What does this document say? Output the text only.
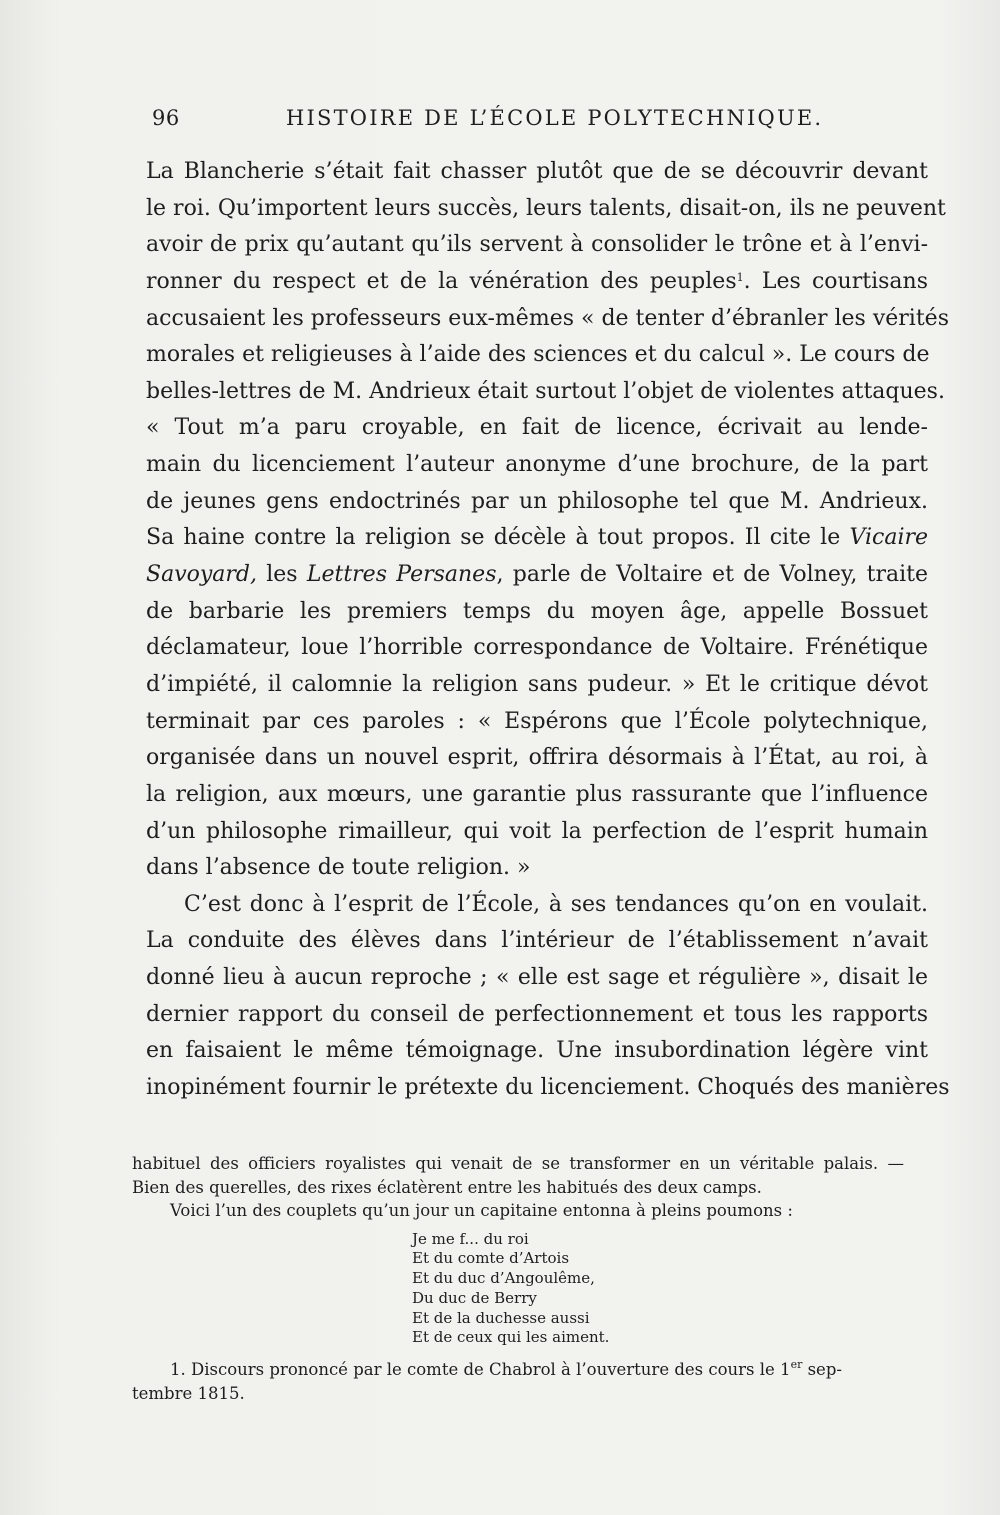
96	HISTOIRE DE L’ÉCOLE POLYTECHNIQUE.
La Blancherie s’était fait chasser plutôt que de se découvrir devant
le roi. Qu’importent leurs succès, leurs talents, disait-on, ils ne peuvent
avoir de prix qu’autant qu’ils servent à consolider le trône et à l’envi-
ronner du respect et de la vénération des peuples$^1$. Les courtisans
accusaient les professeurs eux-mêmes « de tenter d’ébranler les vérités
morales et religieuses à l’aide des sciences et du calcul ». Le cours de
belles-lettres de M. Andrieux était surtout l’objet de violentes attaques.
« Tout m’a paru croyable, en fait de licence, écrivait au lende-
main du licenciement l’auteur anonyme d’une brochure, de la part
de jeunes gens endoctrinés par un philosophe tel que M. Andrieux.
Sa haine contre la religion se décèle à tout propos. Il cite le Vicaire
Savoyard, les Lettres Persanes, parle de Voltaire et de Volney, traite
de barbarie les premiers temps du moyen âge, appelle Bossuet
déclamateur, loue l’horrible correspondance de Voltaire. Frénétique
d’impiété, il calomnie la religion sans pudeur. » Et le critique dévot
terminait par ces paroles : « Espérons que l’École polytechnique,
organisée dans un nouvel esprit, offrira désormais à l’État, au roi, à
la religion, aux mœurs, une garantie plus rassurante que l’influence
d’un philosophe rimailleur, qui voit la perfection de l’esprit humain
dans l’absence de toute religion. »
C’est donc à l’esprit de l’École, à ses tendances qu’on en voulait.
La conduite des élèves dans l’intérieur de l’établissement n’avait
donné lieu à aucun reproche ; « elle est sage et régulière », disait le
dernier rapport du conseil de perfectionnement et tous les rapports
en faisaient le même témoignage. Une insubordination légère vint
inopinément fournir le prétexte du licenciement. Choqués des manières
habituel des officiers royalistes qui venait de se transformer en un véritable palais. —
Bien des querelles, des rixes éclatèrent entre les habitués des deux camps.
Voici l’un des couplets qu’un jour un capitaine entonna à pleins poumons :
Je me f... du roi
Et du comte d’Artois
Et du duc d’Angoulême,
Du duc de Berry
Et de la duchesse aussi
Et de ceux qui les aiment.
1. Discours prononcé par le comte de Chabrol à l’ouverture des cours le 1er sep-
tembre 1815.
